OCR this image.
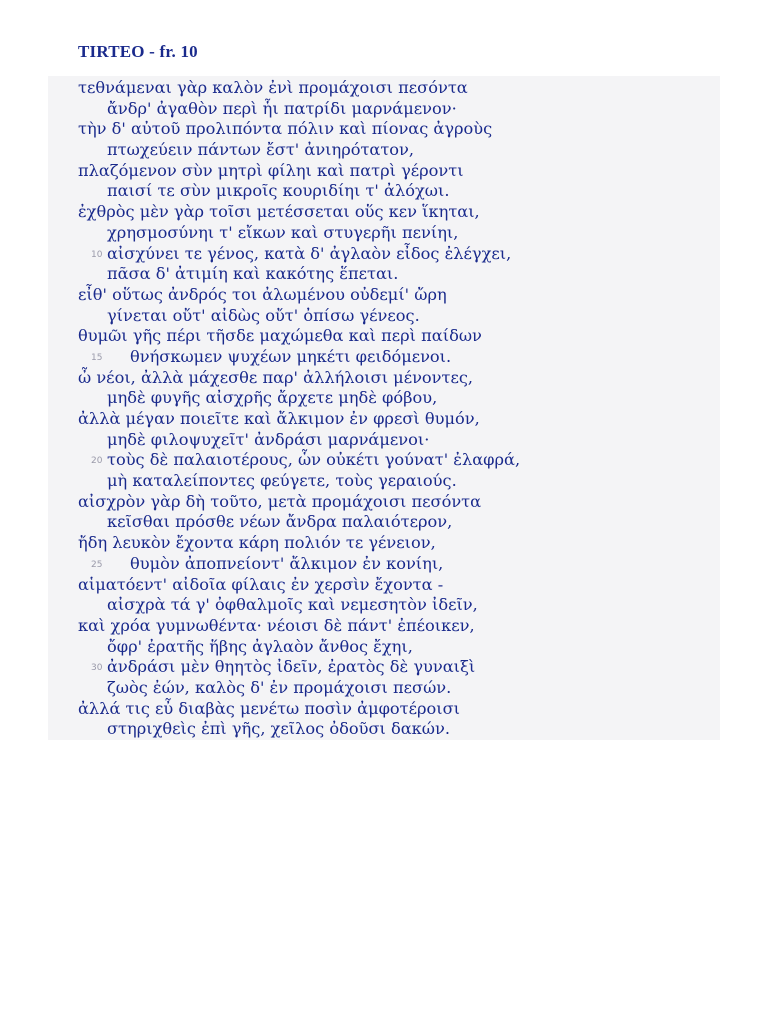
TIRTEO - fr. 10
τεθνάμεναι γὰρ καλὸν ἐνὶ προμάχοισι πεσόντα
ἄνδρ' ἀγαθὸν περὶ ἧι πατρίδι μαρνάμενον·
τὴν δ' αὐτοῦ προλιπόντα πόλιν καὶ πίονας ἀγροὺς
πτωχεύειν πάντων ἔστ' ἀνιηρότατον,
πλαζόμενον σὺν μητρὶ φίληι καὶ πατρὶ γέροντι
παισί τε σὺν μικροῖς κουριδίηι τ' ἀλόχωι.
ἐχθρὸς μὲν γὰρ τοῖσι μετέσσεται οὕς κεν ἵκηται,
χρησμοσύνηι τ' εἴκων καὶ στυγερῆι πενίηι,
10 αἰσχύνει τε γένος, κατὰ δ' ἀγλαὸν εἶδος ἐλέγχει,
πᾶσα δ' ἀτιμίη καὶ κακότης ἕπεται.
εἶθ' οὕτως ἀνδρός τοι ἀλωμένου οὐδεμί' ὤρη
γίνεται οὔτ' αἰδὼς οὔτ' ὀπίσω γένεος.
θυμῶι γῆς πέρι τῆσδε μαχώμεθα καὶ περὶ παίδων
15 θνήσκωμεν ψυχέων μηκέτι φειδόμενοι.
ὦ νέοι, ἀλλὰ μάχεσθε παρ' ἀλλήλοισι μένοντες,
μηδὲ φυγῆς αἰσχρῆς ἄρχετε μηδὲ φόβου,
ἀλλὰ μέγαν ποιεῖτε καὶ ἄλκιμον ἐν φρεσὶ θυμόν,
μηδὲ φιλοψυχεῖτ' ἀνδράσι μαρνάμενοι·
20 τοὺς δὲ παλαιοτέρους, ὧν οὐκέτι γούνατ' ἐλαφρά,
μὴ καταλείποντες φεύγετε, τοὺς γεραιούς.
αἰσχρὸν γὰρ δὴ τοῦτο, μετὰ προμάχοισι πεσόντα
κεῖσθαι πρόσθε νέων ἄνδρα παλαιότερον,
ἤδη λευκὸν ἔχοντα κάρη πολιόν τε γένειον,
25 θυμὸν ἀποπνείοντ' ἄλκιμον ἐν κονίηι,
αἱματόεντ' αἰδοῖα φίλαις ἐν χερσὶν ἔχοντα -
αἰσχρὰ τά γ' ὀφθαλμοῖς καὶ νεμεσητὸν ἰδεῖν,
καὶ χρόα γυμνωθέντα· νέοισι δὲ πάντ' ἐπέοικεν,
ὄφρ' ἐρατῆς ἥβης ἀγλαὸν ἄνθος ἔχηι,
30 ἀνδράσι μὲν θηητὸς ἰδεῖν, ἐρατὸς δὲ γυναιξὶ
ζωὸς ἐών, καλὸς δ' ἐν προμάχοισι πεσών.
ἀλλά τις εὖ διαβὰς μενέτω ποσὶν ἀμφοτέροισι
στηριχθεὶς ἐπὶ γῆς, χεῖλος ὀδοῦσι δακών.
